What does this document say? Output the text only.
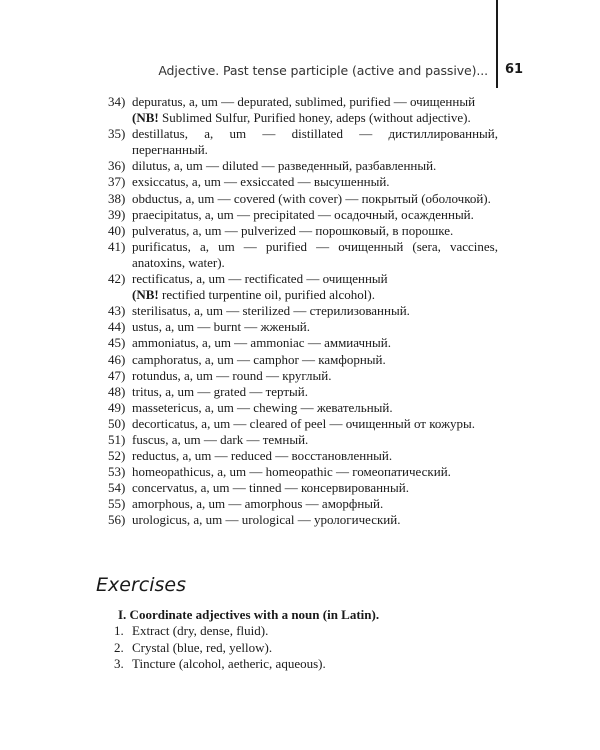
Adjective. Past tense participle (active and passive)... 61
34) depuratus, a, um — depurated, sublimed, purified — очищенный
(NB! Sublimed Sulfur, Purified honey, adeps (without adjective).
35) destillatus, a, um — distillated — дистиллированный, перегнанный.
36) dilutus, a, um — diluted — разведенный, разбавленный.
37) exsiccatus, a, um — exsiccated — высушенный.
38) obductus, a, um — covered (with cover) — покрытый (оболочкой).
39) praecipitatus, a, um — precipitated — осадочный, осажденный.
40) pulveratus, a, um — pulverized — порошковый, в порошке.
41) purificatus, a, um — purified — очищенный (sera, vaccines, anatoxins, water).
42) rectificatus, a, um — rectificated — очищенный
(NB! rectified turpentine oil, purified alcohol).
43) sterilisatus, a, um — sterilized — стерилизованный.
44) ustus, a, um — burnt — жженый.
45) ammoniatus, a, um — ammoniac — аммиачный.
46) camphoratus, a, um — camphor — камфорный.
47) rotundus, a, um — round — круглый.
48) tritus, a, um — grated — тертый.
49) massetericus, a, um — chewing — жевательный.
50) decorticatus, a, um — cleared of peel — очищенный от кожуры.
51) fuscus, a, um — dark — темный.
52) reductus, a, um — reduced — восстановленный.
53) homeopathicus, a, um — homeopathic — гомеопатический.
54) concervatus, a, um — tinned — консервированный.
55) amorphous, a, um — amorphous — аморфный.
56) urologicus, a, um — urological — урологический.
Exercises
I. Coordinate adjectives with a noun (in Latin).
1. Extract (dry, dense, fluid).
2. Crystal (blue, red, yellow).
3. Tincture (alcohol, aetheric, aqueous).
